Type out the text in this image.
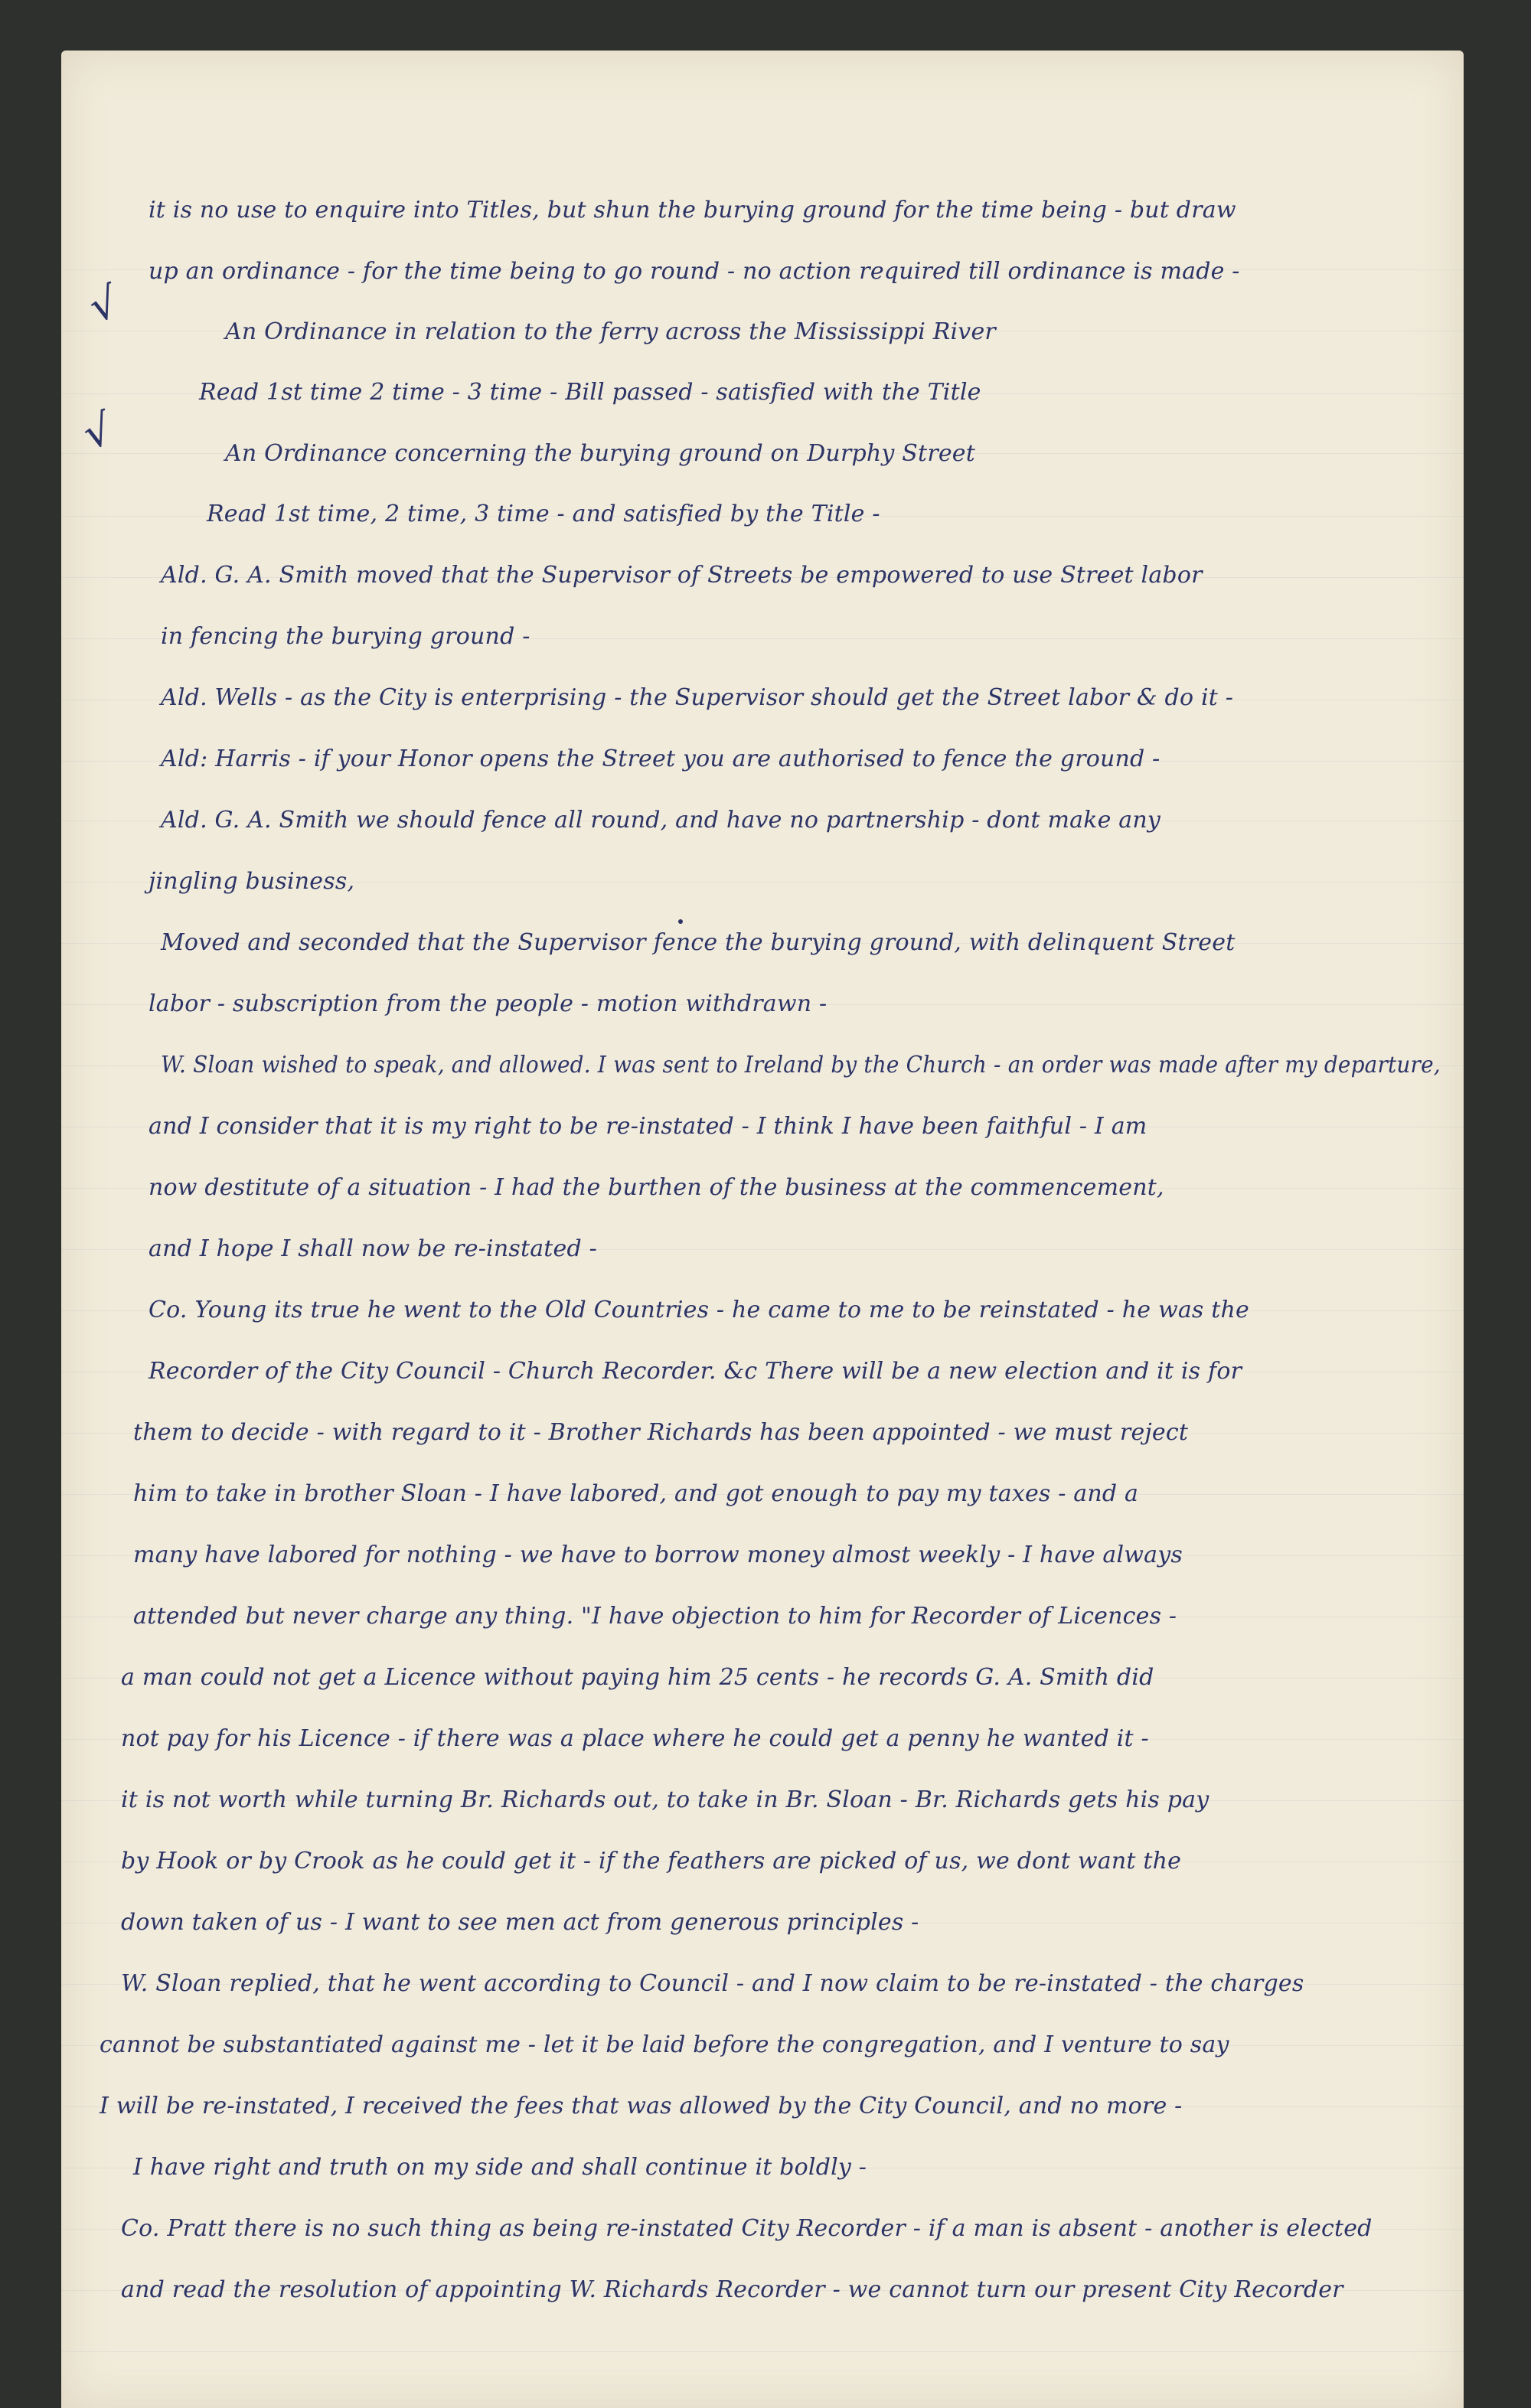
√
√

it is no use to enquire into Titles, but shun the burying ground for the time being - but draw

up an ordinance - for the time being to go round - no action required till ordinance is made -

An Ordinance in relation to the ferry across the Mississippi River

Read 1st time 2 time - 3 time - Bill passed - satisfied with the Title

An Ordinance concerning the burying ground on Durphy Street

Read 1st time, 2 time, 3 time - and satisfied by the Title -

Ald. G. A. Smith moved that the Supervisor of Streets be empowered to use Street labor

in fencing the burying ground -

Ald. Wells - as the City is enterprising - the Supervisor should get the Street labor & do it -

Ald: Harris - if your Honor opens the Street you are authorised to fence the ground -

Ald. G. A. Smith we should fence all round, and have no partnership - dont make any

jingling business,

Moved and seconded that the Supervisor fence the burying ground, with delinquent Street

labor - subscription from the people - motion withdrawn -

W. Sloan wished to speak, and allowed. I was sent to Ireland by the Church - an order was made after my departure,

and I consider that it is my right to be re-instated - I think I have been faithful - I am

now destitute of a situation - I had the burthen of the business at the commencement,

and I hope I shall now be re-instated -

Co. Young its true he went to the Old Countries - he came to me to be reinstated - he was the

Recorder of the City Council - Church Recorder. &c There will be a new election and it is for

them to decide - with regard to it - Brother Richards has been appointed - we must reject

him to take in brother Sloan - I have labored, and got enough to pay my taxes - and a

many have labored for nothing - we have to borrow money almost weekly - I have always

attended but never charge any thing. "I have objection to him for Recorder of Licences -

a man could not get a Licence without paying him 25 cents - he records G. A. Smith did

not pay for his Licence - if there was a place where he could get a penny he wanted it -

it is not worth while turning Br. Richards out, to take in Br. Sloan - Br. Richards gets his pay

by Hook or by Crook as he could get it - if the feathers are picked of us, we dont want the

down taken of us - I want to see men act from generous principles -

W. Sloan replied, that he went according to Council - and I now claim to be re-instated - the charges

cannot be substantiated against me - let it be laid before the congregation, and I venture to say

I will be re-instated, I received the fees that was allowed by the City Council, and no more -

I have right and truth on my side and shall continue it boldly -

Co. Pratt there is no such thing as being re-instated City Recorder - if a man is absent - another is elected

and read the resolution of appointing W. Richards Recorder - we cannot turn our present City Recorder
